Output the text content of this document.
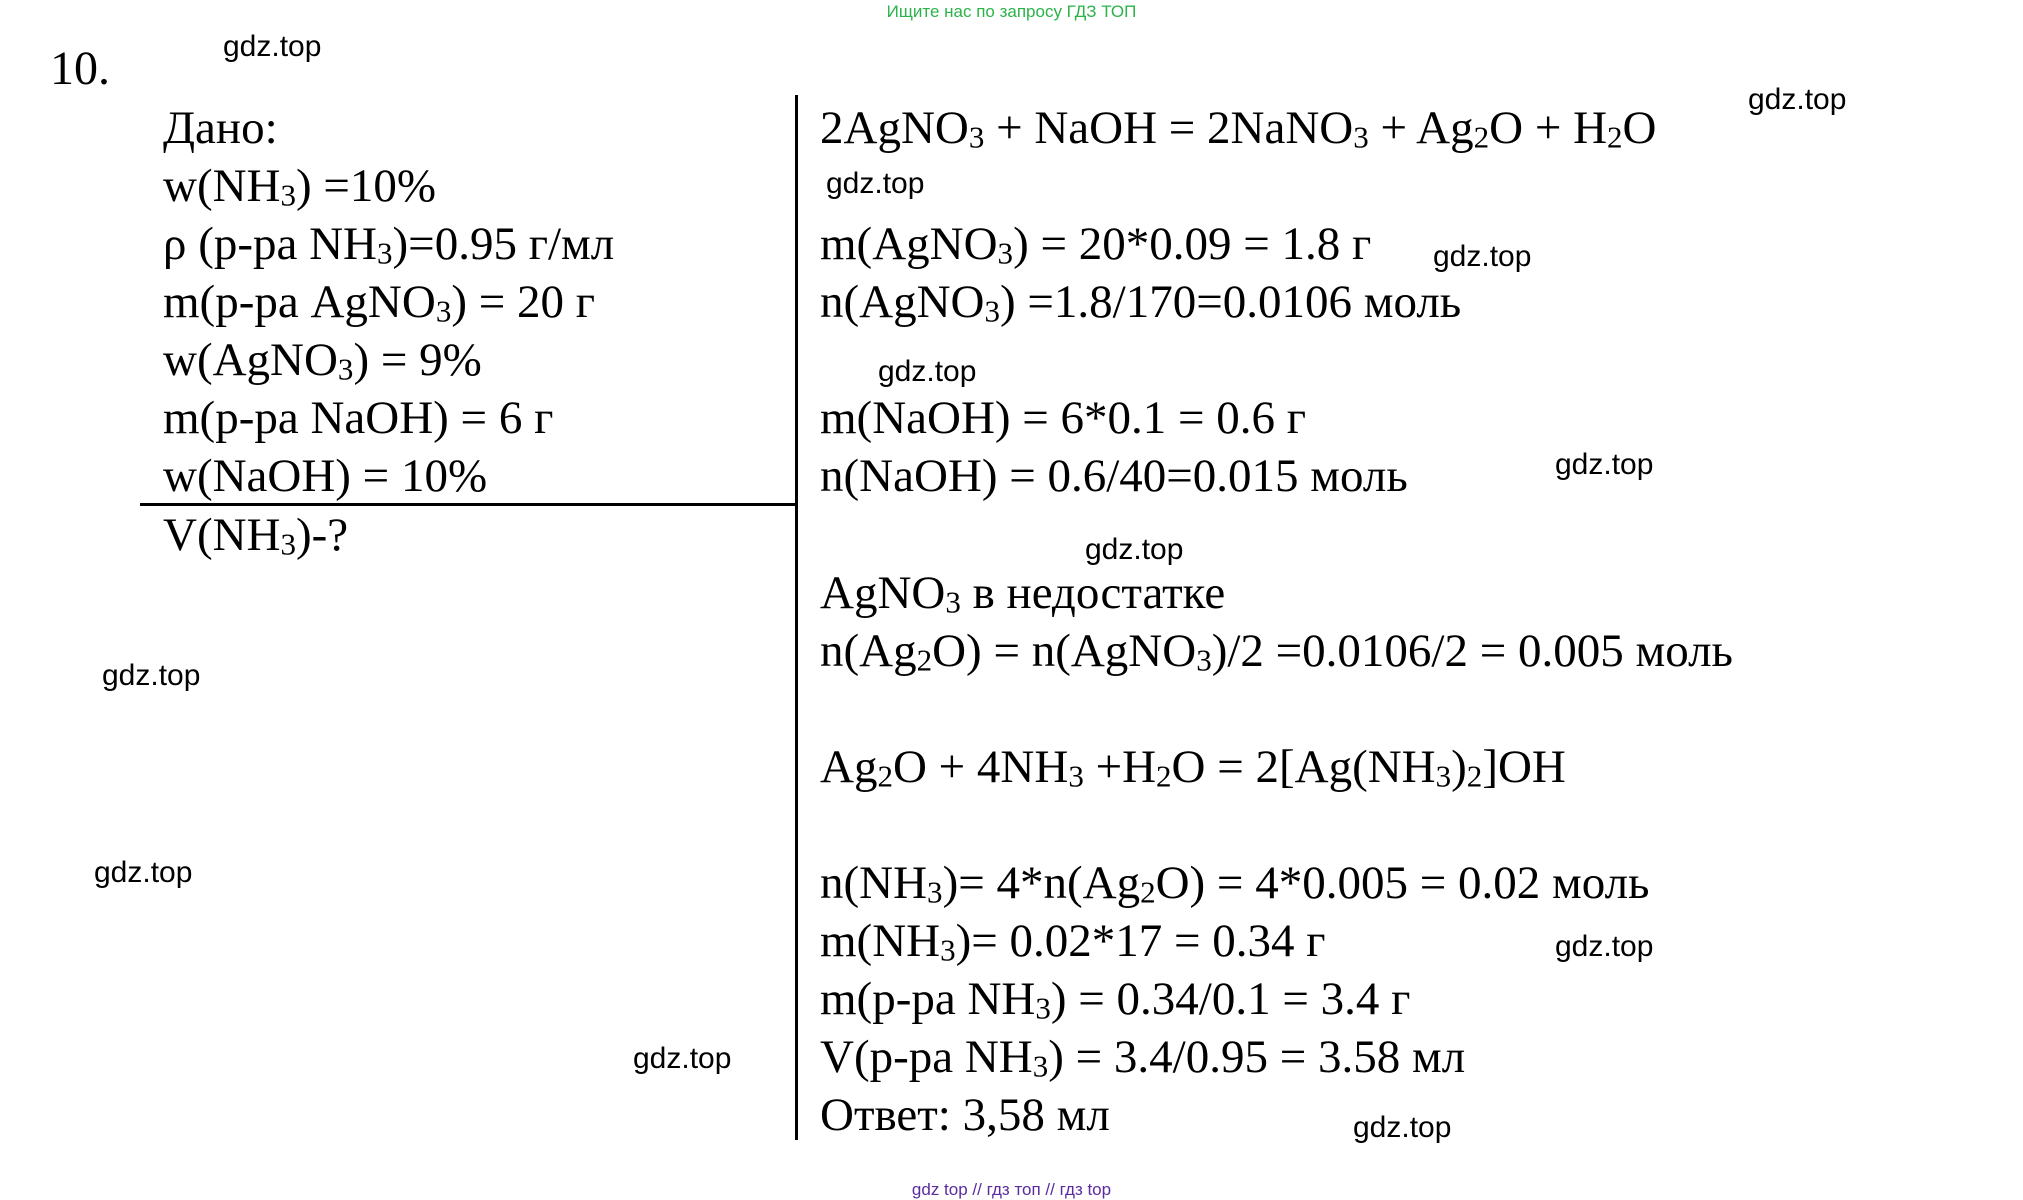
Ищите нас по запросу ГДЗ ТОП
10.
Дано:
$w(NH_3) =10\%$
ρ (р-ра $NH_3)=0.95$ г/мл
m(р-ра AgNO$_3$) = 20 г
w(AgNO$_3$) = 9%
m(р-ра NaOH) = 6 г
w(NaOH) = 10%
$V(NH_3)-$?
2AgNO$_3$ + NaOH = 2NaNO$_3$ + $Ag_2O + H_2O$
m(AgNO$_3$) = 20*0.09 = 1.8 г
n(AgNO$_3$) =1.8/170=0.0106 моль
m(NaOH) = 6*0.1 = 0.6 г
n(NaOH) = 0.6/40=0.015 моль
AgNO$_3$ в недостатке
$n(Ag_2O)$ = n(AgNO$_3$)/2 =0.0106/2 = 0.005 моль
$Ag_2O + 4NH_3 +H_2O = 2[Ag(NH_3)_2]OH$
$n(NH_3)= 4*n(Ag_2O) = 4*0.005 = 0.02$ моль
$m(NH_3)= 0.02*17 = 0.34$ г
m(р-ра $NH_3) = 0.34/0.1 = 3.4$ г
V(р-ра $NH_3) = 3.4/0.95 = 3.58$ мл
Ответ: 3,58 мл
gdz.top
gdz.top
gdz.top
gdz.top
gdz.top
gdz.top
gdz.top
gdz.top
gdz.top
gdz.top
gdz.top
gdz.top
gdz top // гдз топ // гдз top
